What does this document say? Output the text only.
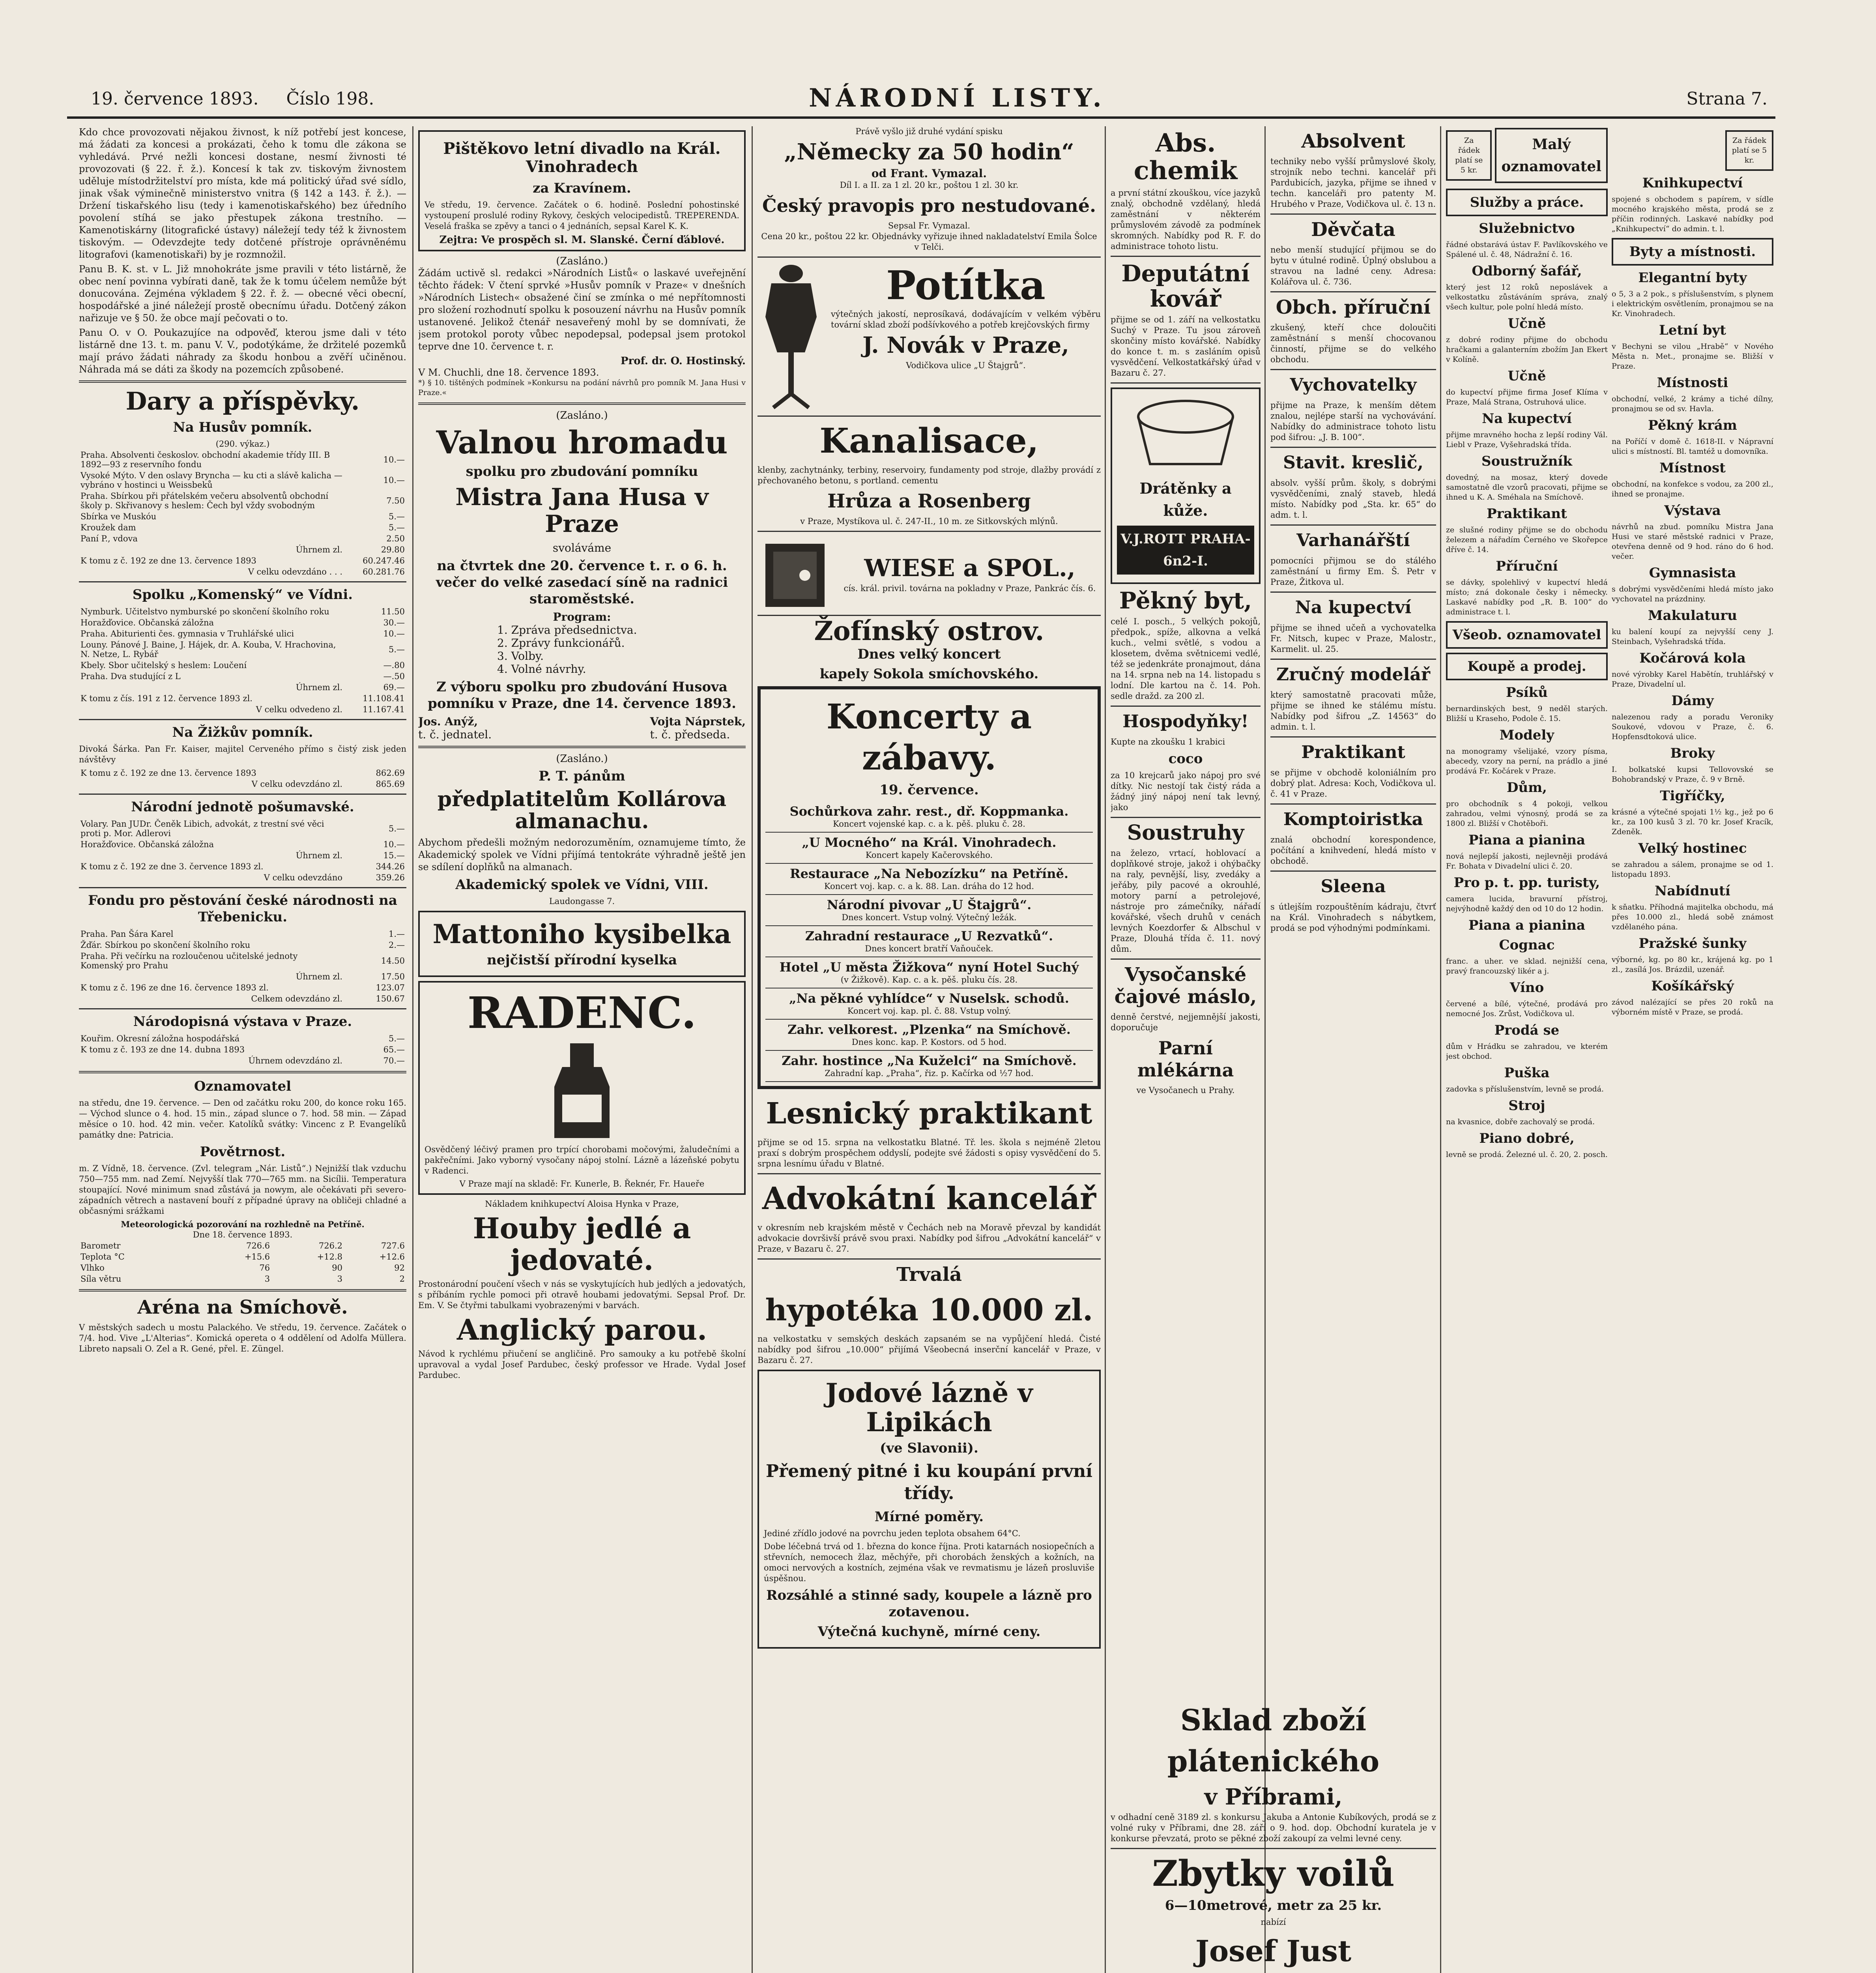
19. července 1893. Číslo 198.	NÁRODNÍ LISTY.	Strana 7.

Kdo chce provozovati nějakou živnost, k níž potřebí jest koncese, má žádati za koncesi a prokázati, čeho k tomu dle zákona se vyhledává. Prvé nežli koncesi dostane, nesmí živnosti té provozovati (§ 22. ř. ž.). Koncesí k tak zv. tiskovým živnostem uděluje místodržitelství pro místa, kde má politický úřad své sídlo, jinak však výminečně ministerstvo vnitra (§ 142 a 143. ř. ž.). — Držení tiskařského lisu (tedy i kamenotiskařského) bez úředního povolení stíhá se jako přestupek zákona trestního. — Kamenotiskárny (litografické ústavy) náležejí tedy též k živnostem tiskovým. — Odevzdejte tedy dotčené přístroje oprávněnému litografovi (kamenotiskaři) by je rozmnožil.

Panu B. K. st. v L. Již mnohokráte jsme pravili v této listárně, že obec není povinna vybírati daně, tak že k tomu účelem nemůže být donucována. Zejména výkladem § 22. ř. ž. — obecné věci obecní, hospodářské a jiné náležejí prostě obecnímu úřadu. Dotčený zákon nařizuje ve § 50. že obce mají pečovati o to.

Panu O. v O. Poukazujíce na odpověď, kterou jsme dali v této listárně dne 13. t. m. panu V. V., podotýkáme, že držitelé pozemků mají právo žádati náhrady za škodu honbou a zvěří učiněnou. Náhrada má se dáti za škody na pozemcích způsobené.

Dary a příspěvky.
Na Husův pomník.
(290. výkaz.)
Praha. Absolventi českoslov. obchodní akademie třídy III. B 1892—93 z reservního fondu	10.—
Vysoké Mýto. V den oslavy Bryncha — ku cti a slávě kalicha — vybráno v hostinci u Weissbeků	10.—
Praha. Sbírkou při přátelském večeru absolventů obchodní školy p. Skřivanovy s heslem: Čech byl vždy svobodným	7.50
Sbírka ve Muskóu	5.—
Kroužek dam	5.—
Paní P., vdova	2.50
Úhrnem zl.	29.80
K tomu z č. 192 ze dne 13. července 1893	60.247.46
V celku odevzdáno . . .	60.281.76
Spolku „Komenský“ ve Vídni.
Nymburk. Učitelstvo nymburské po skončení školního roku	11.50
Horažďovice. Občanská záložna	30.—
Praha. Abiturienti čes. gymnasia v Truhlářské ulici	10.—
Louny. Pánové J. Baine, J. Hájek, dr. A. Kouba, V. Hrachovina, N. Netze, L. Rybář	5.—
Kbely. Sbor učitelský s heslem: Loučení	—.80
Praha. Dva studující z L	—.50
Úhrnem zl.	69.—
K tomu z čís. 191 z 12. července 1893 zl.	11.108.41
V celku odvedeno zl.	11.167.41
Na Žižkův pomník.

Divoká Šárka. Pan Fr. Kaiser, majitel Cerveného přímo s čistý zisk jeden návštěvy

K tomu z č. 192 ze dne 13. července 1893	862.69
V celku odevzdáno zl.	865.69
Národní jednotě pošumavské.
Volary. Pan JUDr. Čeněk Libich, advokát, z trestní své věci proti p. Mor. Adlerovi	5.—
Horažďovice. Občanská záložna	10.—
Úhrnem zl.	15.—
K tomu z č. 192 ze dne 3. července 1893 zl.	344.26
V celku odevzdáno	359.26
Fondu pro pěstování české národnosti na Třebenicku.
Praha. Pan Šára Karel	1.—
Žďár. Sbírkou po skončení školního roku	2.—
Praha. Při večírku na rozloučenou učitelské jednoty Komenský pro Prahu	14.50
Úhrnem zl.	17.50
K tomu z č. 196 ze dne 16. července 1893 zl.	123.07
Celkem odevzdáno zl.	150.67
Národopisná výstava v Praze.
Kouřim. Okresní záložna hospodářská	5.—
K tomu z č. 193 ze dne 14. dubna 1893	65.—
Úhrnem odevzdáno zl.	70.—
Oznamovatel

na středu, dne 19. července. — Den od začátku roku 200, do konce roku 165. — Východ slunce o 4. hod. 15 min., západ slunce o 7. hod. 58 min. — Západ měsíce o 10. hod. 42 min. večer. Katolíků svátky: Vincenc z P. Evangelíků památky dne: Patricia.

Povětrnost.

m. Z Vídně, 18. července. (Zvl. telegram „Nár. Listů“.) Nejnižší tlak vzduchu 750—755 mm. nad Zemí. Nejvyšší tlak 770—765 mm. na Sicílii. Temperatura stoupající. Nové minimum snad zůstává ja nowym, ale očekávati při severo-západních větrech a nastavení bouří z případné úpravy na obličeji chladné a občasnými srážkami

Meteorologická pozorování na rozhledně na Petříně.
Dne 18. července 1893.
Barometr	726.6	726.2	727.6
Teplota °C	+15.6	+12.8	+12.6
Vlhko	76	90	92
Síla větru	3	3	2
Aréna na Smíchově.

V městských sadech u mostu Palackého. Ve středu, 19. července. Začátek o 7/4. hod. Vive „L'Alterias“. Komická opereta o 4 oddělení od Adolfa Müllera. Libreto napsali O. Zel a R. Gené, přel. E. Züngel.

Pištěkovo letní divadlo na Král. Vinohradech
za Kravínem.

Ve středu, 19. července. Začátek o 6. hodině. Poslední pohostinské vystoupení proslulé rodiny Rykovy, českých velocipedistů. TREPERENDA. Veselá fraška se zpěvy a tanci o 4 jednáních, sepsal Karel K. K.

Zejtra: Ve prospěch sl. M. Slanské. Černí ďáblové.
(Zasláno.)

Žádám uctivě sl. redakci »Národních Listů« o laskavé uveřejnění těchto řádek: V čtení sprvké »Husův pomník v Praze« v dnešních »Národních Listech« obsažené činí se zmínka o mé nepřítomnosti pro složení rozhodnutí spolku k posouzení návrhu na Husův pomník ustanovené. Jelikož čtenář nesaveřený mohl by se domnívati, že jsem protokol poroty vůbec nepodepsal, podepsal jsem protokol teprve dne 10. července t. r.

Prof. dr. O. Hostinský.
V M. Chuchli, dne 18. července 1893.

*) § 10. tištěných podmínek »Konkursu na podání návrhů pro pomník M. Jana Husi v Praze.«

(Zasláno.)
Valnou hromadu
spolku pro zbudování pomníku
Mistra Jana Husa v Praze
svoláváme
na čtvrtek dne 20. července t. r. o 6. h. večer do velké zasedací síně na radnici staroměstské.
Program:
1. Zpráva předsednictva.
2. Zprávy funkcionářů.
3. Volby.
4. Volné návrhy.
Z výboru spolku pro zbudování Husova pomníku v Praze, dne 14. července 1893.
Jos. Anýž,
t. č. jednatel.
Vojta Náprstek,
t. č. předseda.
(Zasláno.)
P. T. pánům
předplatitelům Kollárova almanachu.

Abychom předešli možným nedorozuměním, oznamujeme tímto, že Akademický spolek ve Vídni přijímá tentokráte výhradně ještě jen se sdílení doplňků na almanach.

Akademický spolek ve Vídni, VIII.
Laudongasse 7.
Mattoniho kysibelka
nejčistší přírodní kyselka
RADENC.

Osvědčený léčivý pramen pro trpící chorobami močovými, žaludečními a pakřečními. Jako vyborný vysočany nápoj stolní. Lázně a lázeňské pobytu v Radenci.

V Praze mají na skladě: Fr. Kunerle, B. Řeknér, Fr. Haueře
Nákladem knihkupectví Aloisa Hynka v Praze,
Houby jedlé a jedovaté.

Prostonárodní poučení všech v nás se vyskytujících hub jedlých a jedovatých, s příbáním rychle pomoci při otravě houbami jedovatými. Sepsal Prof. Dr. Em. V. Se čtyřmi tabulkami vyobrazenými v barvách.

Anglický parou.

Návod k rychlému přiučení se angličině. Pro samouky a ku potřebě školní upravoval a vydal Josef Pardubec, český professor ve Hrade. Vydal Josef Pardubec.

Právě vyšlo již druhé vydání spisku
„Německy za 50 hodin“
od Frant. Vymazal.
Díl I. a II. za 1 zl. 20 kr., poštou 1 zl. 30 kr.
Český pravopis pro nestudované.
Sepsal Fr. Vymazal.
Cena 20 kr., poštou 22 kr. Objednávky vyřizuje ihned nakladatelství Emila Šolce v Telči.
Potítka

výtečných jakostí, neprosíkavá, dodávajícím v velkém výběru tovární sklad zboží podšívkového a potřeb krejčovských firmy

J. Novák v Praze,
Vodičkova ulice „U Štajgrů“.
Kanalisace,

klenby, zachytnánky, terbiny, reservoiry, fundamenty pod stroje, dlažby provádí z přechovaného betonu, s portland. cementu

Hrůza a Rosenberg
v Praze, Mystíkova ul. č. 247-II., 10 m. ze Sitkovských mlýnů.
WIESE a SPOL.,
cís. král. privil. továrna na pokladny v Praze, Pankrác čís. 6.
Žofínský ostrov.
Dnes velký koncert
kapely Sokola smíchovského.
Koncerty a zábavy.
19. července.
Sochůrkova zahr. rest., dř. Koppmanka.
Koncert vojenské kap. c. a k. pěš. pluku č. 28.
„U Mocného“ na Král. Vinohradech.
Koncert kapely Kačerovského.
Restaurace „Na Nebozízku“ na Petříně.
Koncert voj. kap. c. a k. 88. Lan. dráha do 12 hod.
Národní pivovar „U Štajgrů“.
Dnes koncert. Vstup volný. Výtečný ležák.
Zahradní restaurace „U Rezvatků“.
Dnes koncert bratří Vaňouček.
Hotel „U města Žižkova“ nyní Hotel Suchý
(v Žižkově). Kap. c. a k. pěš. pluku čís. 28.
„Na pěkné vyhlídce“ v Nuselsk. schodů.
Koncert voj. kap. pl. č. 88. Vstup volný.
Zahr. velkorest. „Plzenka“ na Smíchově.
Dnes konc. kap. P. Kostors. od 5 hod.
Zahr. hostince „Na Kuželci“ na Smíchově.
Zahradní kap. „Praha“, řiz. p. Kačírka od ½7 hod.
Lesnický praktikant

přijme se od 15. srpna na velkostatku Blatné. Tř. les. škola s nejméně 2letou praxí s dobrým prospěchem oddyslí, podejte své žádosti s opisy vysvědčení do 5. srpna lesnímu úřadu v Blatné.

Advokátní kancelář

v okresním neb krajském městě v Čechách neb na Moravě převzal by kandidát advokacie dovršivší právě svou praxi. Nabídky pod šifrou „Advokátní kancelář“ v Praze, v Bazaru č. 27.

Trvalá
hypotéka 10.000 zl.

na velkostatku v semských deskách zapsaném se na vypůjčení hledá. Čisté nabídky pod šifrou „10.000“ přijímá Všeobecná inserční kancelář v Praze, v Bazaru č. 27.

Jodové lázně v Lipikách
(ve Slavonii).
Přemený pitné i ku koupání první třídy.
Mírné poměry.

Jediné zřídlo jodové na povrchu jeden teplota obsahem 64°C.

Dobe léčebná trvá od 1. března do konce října. Proti katarnách nosiopečních a střevních, nemocech žlaz, měchýře, při chorobách ženských a kožních, na omoci nervových a kostních, zejména však ve revmatismu je lázeň prosluviše úspěšnou.

Rozsáhlé a stinné sady, koupele a lázně pro zotavenou.
Výtečná kuchyně, mírné ceny.
Abs. chemik

a první státní zkouškou, více jazyků znalý, obchodně vzdělaný, hledá zaměstnání v některém průmyslovém závodě za podmínek skromných. Nabídky pod R. F. do administrace tohoto listu.

Deputátní kovář

přijme se od 1. září na velkostatku Suchý v Praze. Tu jsou zároveň skončiny místo kovářské. Nabídky do konce t. m. s zasláním opisů vysvědčení. Velkostatkářský úřad v Bazaru č. 27.

Drátěnky a kůže.
V.J.ROTT PRAHA-6n2-I.
Pěkný byt,

celé I. posch., 5 velkých pokojů, předpok., spíže, alkovna a velká kuch., velmi světlé, s vodou a klosetem, dvěma světnicemi vedlé, též se jedenkráte pronajmout, dána na 14. srpna neb na 14. listopadu s lodní. Dle kartou na č. 14. Poh. sedle dražd. za 200 zl.

Hospodyňky!

Kupte na zkoušku 1 krabici

coco

za 10 krejcarů jako nápoj pro své dítky. Nic nestojí tak čistý ráda a žádný jiný nápoj není tak levný, jako

Soustruhy

na železo, vrtací, hoblovací a doplňkové stroje, jakož i ohýbačky na raly, pevnější, lisy, zvedáky a jeřáby, pily pacové a okrouhlé, motory parní a petrolejové, nástroje pro zámečníky, nářadí kovářské, všech druhů v cenách levných Koezdorfer & Albschul v Praze, Dlouhá třída č. 11. nový dům.

Vysočanské čajové máslo,

denně čerstvé, nejjemnější jakosti, doporučuje

Parní mlékárna
ve Vysočanech u Prahy.
Absolvent

techniky nebo vyšší průmyslové školy, strojník nebo techni. kancelář při Pardubicích, jazyka, přijme se ihned v techn. kanceláři pro patenty M. Hrubého v Praze, Vodičkova ul. č. 13 n.

Děvčata

nebo menší studující přijmou se do bytu v útulné rodině. Úplný obslubou a stravou na ladné ceny. Adresa: Kolářova ul. č. 736.

Obch. příruční

zkušený, kteří chce doloučiti zaměstnání s menší chocovanou činností, přijme se do velkého obchodu.

Vychovatelky

přijme na Praze, k menším dětem znalou, nejlépe starší na vychovávání. Nabídky do administrace tohoto listu pod šifrou: „J. B. 100“.

Stavit. kreslič,

absolv. vyšší prům. školy, s dobrými vysvědčeními, znalý staveb, hledá místo. Nabídky pod „Sta. kr. 65“ do adm. t. l.

Varhanářští

pomocníci přijmou se do stálého zaměstnání u firmy Em. Š. Petr v Praze, Žitkova ul.

Na kupectví

přijme se ihned učeň a vychovatelka Fr. Nitsch, kupec v Praze, Malostr., Karmelit. ul. 25.

Zručný modelář

který samostatně pracovati může, přijme se ihned ke stálému místu. Nabídky pod šifrou „Z. 14563“ do admin. t. l.

Praktikant

se přijme v obchodě koloniálním pro dobrý plat. Adresa: Koch, Vodičkova ul. č. 41 v Praze.

Komptoiristka

znalá obchodní korespondence, počítání a knihvedení, hledá místo v obchodě.

Sleena

s útlejším rozpouštěním kádraju, čtvrť na Král. Vinohradech s nábytkem, prodá se pod výhodnými podmínkami.

Za řádek platí se 5 kr.
Malý oznamovatel
Služby a práce.
Služebnictvo

řádné obstarává ústav F. Pavlíkovského ve Spálené ul. č. 48, Nádražní č. 16.

Odborný šafář,

který jest 12 roků neposlávek a velkostatku zůstáváním správa, znalý všech kultur, pole polní hledá místo.

Učně

z dobré rodiny přijme do obchodu hračkami a galanterním zbožím Jan Ekert v Kolíně.

Učně

do kupectví přijme firma Josef Klíma v Praze, Malá Strana, Ostruhová ulice.

Na kupectví

přijme mravného hocha z lepší rodiny Vál. Liebl v Praze, Vyšehradská třída.

Soustružník

dovedný, na mosaz, který dovede samostatně dle vzorů pracovati, přijme se ihned u K. A. Sméhala na Smíchově.

Praktikant

ze slušné rodiny přijme se do obchodu železem a nářadím Černého ve Skořepce dříve č. 14.

Příruční

se dávky, spolehlivý v kupectví hledá místo; zná dokonale česky i německy. Laskavé nabídky pod „R. B. 100“ do administrace t. l.

Všeob. oznamovatel
Koupě a prodej.
Psíků

bernardinských best, 9 neděl starých. Bližší u Kraseho, Podole č. 15.

Modely

na monogramy všelijaké, vzory písma, abecedy, vzory na perní, na prádlo a jiné prodává Fr. Kočárek v Praze.

Dům,

pro obchodník s 4 pokoji, velkou zahradou, velmi výnosný, prodá se za 1800 zl. Bližší v Chotěboři.

Piana a pianina

nová nejlepší jakosti, nejlevněji prodává Fr. Bohata v Divadelní ulici č. 20.

Pro p. t. pp. turisty,

camera lucida, bravurní přístroj, nejvýhodně každý den od 10 do 12 hodin.

Piana a pianina
Cognac

franc. a uher. ve sklad. nejnižší cena, pravý francouzský likér a j.

Víno

červené a bílé, výtečné, prodává pro nemocné Jos. Zrůst, Vodičkova ul.

Prodá se

dům v Hrádku se zahradou, ve kterém jest obchod.

Puška

zadovka s příslušenstvím, levně se prodá.

Stroj

na kvasnice, dobře zachovalý se prodá.

Piano dobré,

levně se prodá. Železné ul. č. 20, 2. posch.

Za řádek platí se 5 kr.
Knihkupectví

spojené s obchodem s papírem, v sídle mocného krajského města, prodá se z příčin rodinných. Laskavé nabídky pod „Knihkupectví“ do admin. t. l.

Byty a místnosti.
Elegantní byty

o 5, 3 a 2 pok., s příslušenstvím, s plynem i elektrickým osvětlením, pronajmou se na Kr. Vinohradech.

Letní byt

v Bechyni se vilou „Hrabě“ v Nového Města n. Met., pronajme se. Bližší v Praze.

Místnosti

obchodní, velké, 2 krámy a tiché dílny, pronajmou se od sv. Havla.

Pěkný krám

na Poříčí v domě č. 1618-II. v Nápravní ulici s místností. Bl. tamtéž u domovníka.

Místnost

obchodní, na konfekce s vodou, za 200 zl., ihned se pronajme.

Výstava

návrhů na zbud. pomníku Mistra Jana Husi ve staré městské radnici v Praze, otevřena denně od 9 hod. ráno do 6 hod. večer.

Gymnasista

s dobrými vysvědčeními hledá místo jako vychovatel na prázdniny.

Makulaturu

ku balení koupí za nejvyšší ceny J. Steinbach, Vyšehradská třída.

Kočárová kola

nové výrobky Karel Habětín, truhlářský v Praze, Divadelní ul.

Dámy

nalezenou rady a poradu Veroniky Soukové, vdovou v Praze, č. 6. Hopfensdtoková ulice.

Broky

I. bolkatské kupsi Tellovovské se Bohobrandský v Praze, č. 9 v Brně.

Tigříčky,

krásné a výtečné spojati 1½ kg., jež po 6 kr., za 100 kusů 3 zl. 70 kr. Josef Kracík, Zdeněk.

Velký hostinec

se zahradou a sálem, pronajme se od 1. listopadu 1893.

Nabídnutí

k sňatku. Příhodná majitelka obchodu, má přes 10.000 zl., hledá sobě známost vzdělaného pána.

Pražské šunky

výborné, kg. po 80 kr., krájená kg. po 1 zl., zasílá Jos. Brázdil, uzenář.

Košíkářský

závod nalézající se přes 20 roků na výborném místě v Praze, se prodá.

Sklad zboží plátenického
v Příbrami,

v odhadní ceně 3189 zl. s konkursu Jakuba a Antonie Kubíkových, prodá se z volné ruky v Příbrami, dne 28. září o 9. hod. dop. Obchodní kuratela je v konkurse převzatá, proto se pěkné zboží zakoupí za velmi levné ceny.

Zbytky voilů
6—10metrové, metr za 25 kr.
nabízí
Josef Just
